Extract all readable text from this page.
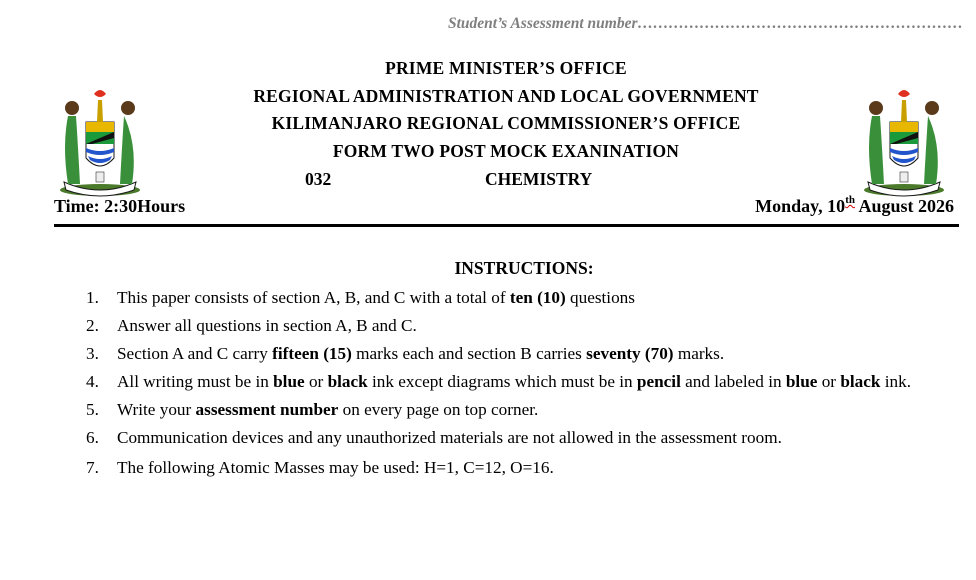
Student’s Assessment number………………………………………………………
PRIME MINISTER’S OFFICE
REGIONAL ADMINISTRATION AND LOCAL GOVERNMENT
KILIMANJARO REGIONAL COMMISSIONER’S OFFICE
FORM TWO POST MOCK EXANINATION
032	CHEMISTRY
Time: 2:30Hours	Monday, 10th August 2026
INSTRUCTIONS:
1. This paper consists of section A, B, and C with a total of ten (10) questions
2. Answer all questions in section A, B and C.
3. Section A and C carry fifteen (15) marks each and section B carries seventy (70) marks.
4. All writing must be in blue or black ink except diagrams which must be in pencil and labeled in blue or black ink.
5. Write your assessment number on every page on top corner.
6. Communication devices and any unauthorized materials are not allowed in the assessment room.
7. The following Atomic Masses may be used: H=1, C=12, O=16.
